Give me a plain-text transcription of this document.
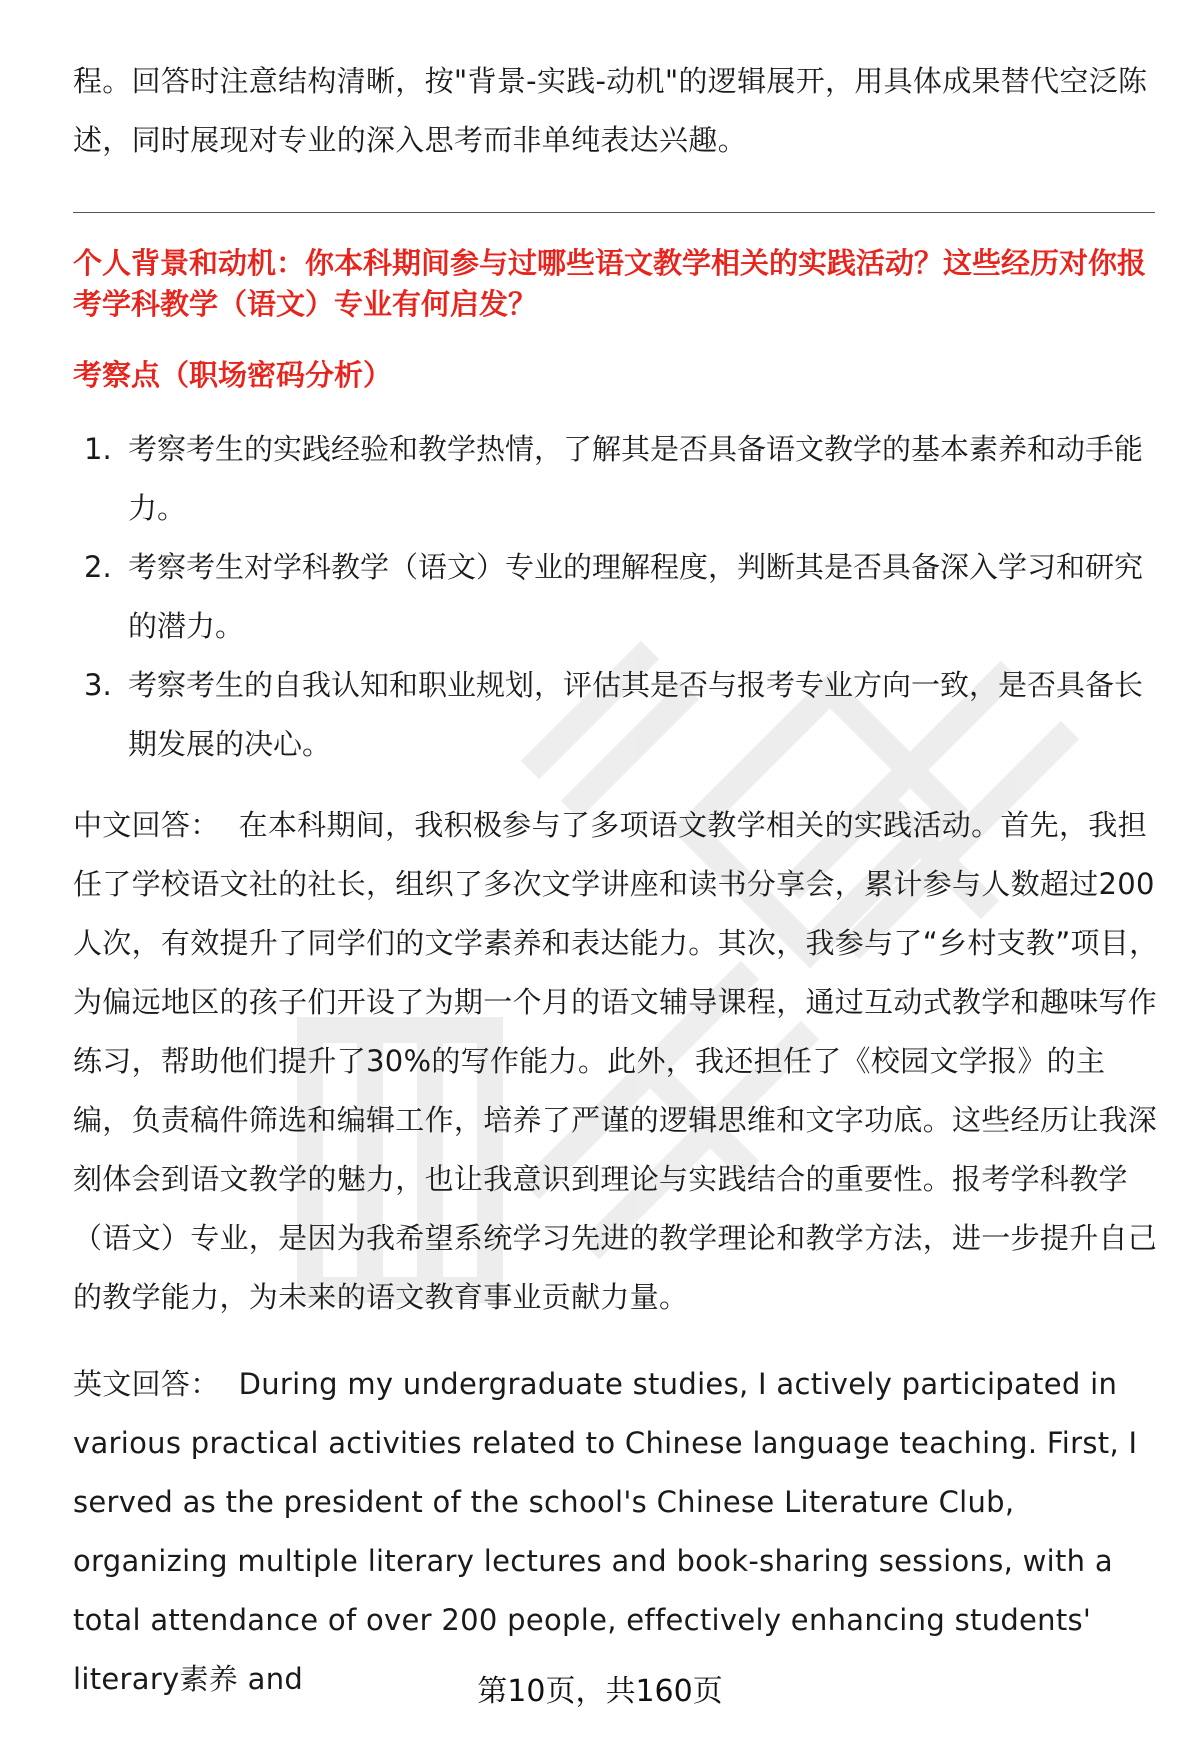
程。回答时注意结构清晰，按"背景-实践-动机"的逻辑展开，用具体成果替代空泛陈述，同时展现对专业的深入思考而非单纯表达兴趣。

个人背景和动机：你本科期间参与过哪些语文教学相关的实践活动？这些经历对你报考学科教学（语文）专业有何启发？

考察点（职场密码分析）

1. 考察考生的实践经验和教学热情，了解其是否具备语文教学的基本素养和动手能力。
2. 考察考生对学科教学（语文）专业的理解程度，判断其是否具备深入学习和研究的潜力。
3. 考察考生的自我认知和职业规划，评估其是否与报考专业方向一致，是否具备长期发展的决心。

中文回答： 在本科期间，我积极参与了多项语文教学相关的实践活动。首先，我担任了学校语文社的社长，组织了多次文学讲座和读书分享会，累计参与人数超过200人次，有效提升了同学们的文学素养和表达能力。其次，我参与了“乡村支教”项目，为偏远地区的孩子们开设了为期一个月的语文辅导课程，通过互动式教学和趣味写作练习，帮助他们提升了30%的写作能力。此外，我还担任了《校园文学报》的主编，负责稿件筛选和编辑工作，培养了严谨的逻辑思维和文字功底。这些经历让我深刻体会到语文教学的魅力，也让我意识到理论与实践结合的重要性。报考学科教学（语文）专业，是因为我希望系统学习先进的教学理论和教学方法，进一步提升自己的教学能力，为未来的语文教育事业贡献力量。

英文回答： During my undergraduate studies, I actively participated in various practical activities related to Chinese language teaching. First, I served as the president of the school's Chinese Literature Club, organizing multiple literary lectures and book-sharing sessions, with a total attendance of over 200 people, effectively enhancing students' literary素养 and	第10页，共160页
